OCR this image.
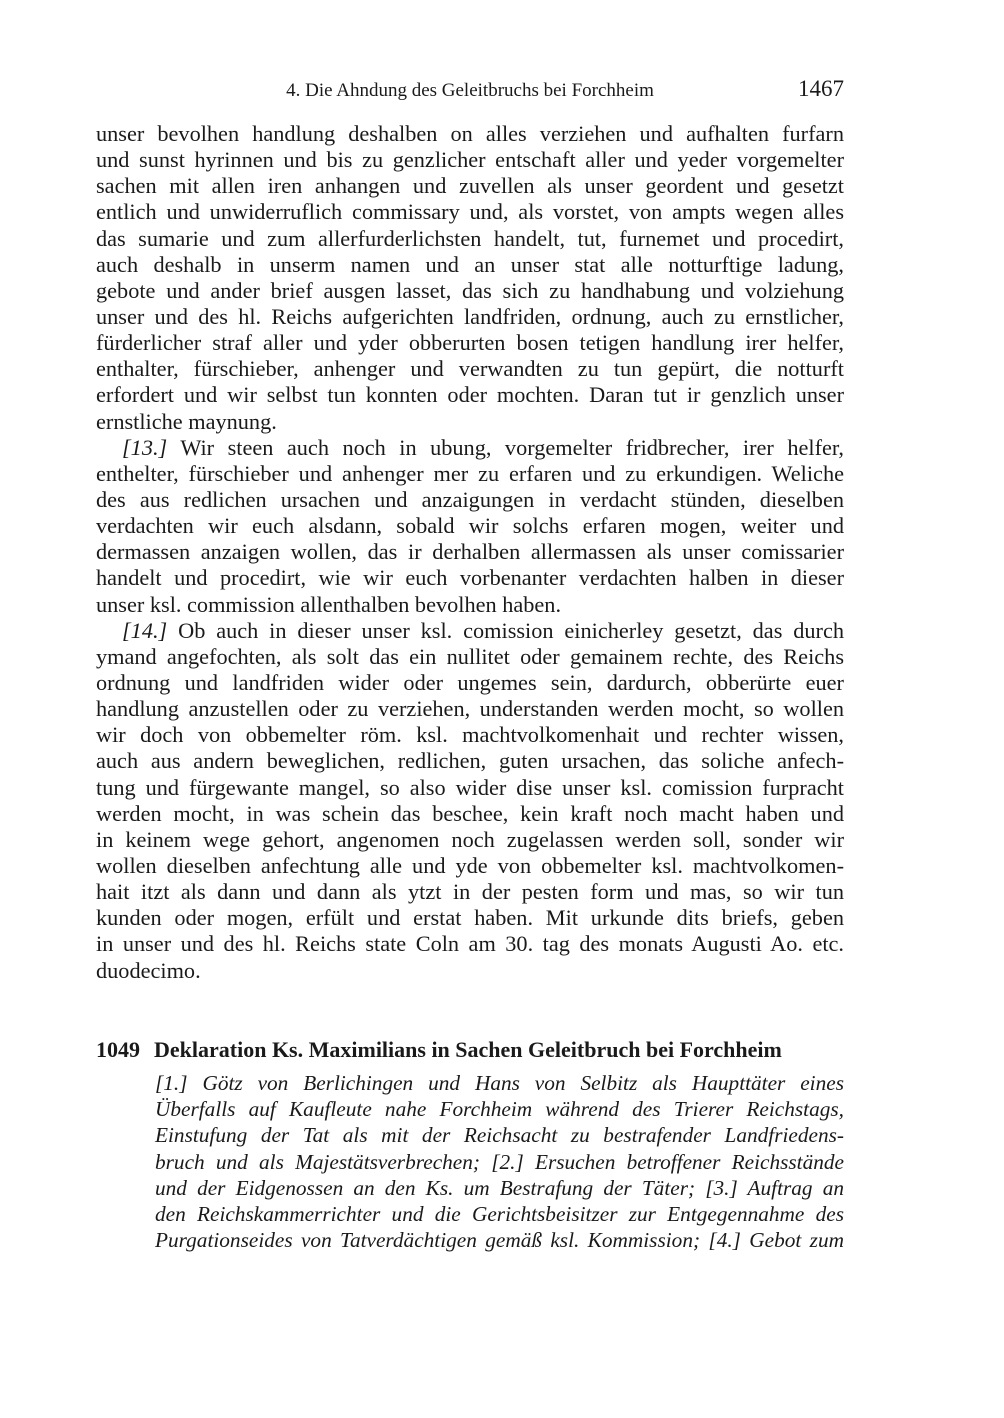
4. Die Ahndung des Geleitbruchs bei Forchheim	1467
unser bevolhen handlung deshalben on alles verziehen und aufhalten furfarn
und sunst hyrinnen und bis zu genzlicher entschaft aller und yeder vorgemelter
sachen mit allen iren anhangen und zuvellen als unser geordent und gesetzt
entlich und unwiderruflich commissary und, als vorstet, von ampts wegen alles
das sumarie und zum allerfurderlichsten handelt, tut, furnemet und procedirt,
auch deshalb in unserm namen und an unser stat alle notturftige ladung,
gebote und ander brief ausgen lasset, das sich zu handhabung und volziehung
unser und des hl. Reichs aufgerichten landfriden, ordnung, auch zu ernstlicher,
fürderlicher straf aller und yder obberurten bosen tetigen handlung irer helfer,
enthalter, fürschieber, anhenger und verwandten zu tun gepürt, die notturft
erfordert und wir selbst tun konnten oder mochten. Daran tut ir genzlich unser
ernstliche maynung.
[13.] Wir steen auch noch in ubung, vorgemelter fridbrecher, irer helfer,
enthelter, fürschieber und anhenger mer zu erfaren und zu erkundigen. Weliche
des aus redlichen ursachen und anzaigungen in verdacht stünden, dieselben
verdachten wir euch alsdann, sobald wir solchs erfaren mogen, weiter und
dermassen anzaigen wollen, das ir derhalben allermassen als unser comissarier
handelt und procedirt, wie wir euch vorbenanter verdachten halben in dieser
unser ksl. commission allenthalben bevolhen haben.
[14.] Ob auch in dieser unser ksl. comission einicherley gesetzt, das durch
ymand angefochten, als solt das ein nullitet oder gemainem rechte, des Reichs
ordnung und landfriden wider oder ungemes sein, dardurch, obberürte euer
handlung anzustellen oder zu verziehen, understanden werden mocht, so wollen
wir doch von obbemelter röm. ksl. machtvolkomenhait und rechter wissen,
auch aus andern beweglichen, redlichen, guten ursachen, das soliche anfech-
tung und fürgewante mangel, so also wider dise unser ksl. comission furpracht
werden mocht, in was schein das beschee, kein kraft noch macht haben und
in keinem wege gehort, angenomen noch zugelassen werden soll, sonder wir
wollen dieselben anfechtung alle und yde von obbemelter ksl. machtvolkomen-
hait itzt als dann und dann als ytzt in der pesten form und mas, so wir tun
kunden oder mogen, erfült und erstat haben. Mit urkunde dits briefs, geben
in unser und des hl. Reichs state Coln am 30. tag des monats Augusti Ao. etc.
duodecimo.
1049 Deklaration Ks. Maximilians in Sachen Geleitbruch bei Forchheim
[1.] Götz von Berlichingen und Hans von Selbitz als Haupttäter eines
Überfalls auf Kaufleute nahe Forchheim während des Trierer Reichstags,
Einstufung der Tat als mit der Reichsacht zu bestrafender Landfriedens-
bruch und als Majestätsverbrechen; [2.] Ersuchen betroffener Reichsstände
und der Eidgenossen an den Ks. um Bestrafung der Täter; [3.] Auftrag an
den Reichskammerrichter und die Gerichtsbeisitzer zur Entgegennahme des
Purgationseides von Tatverdächtigen gemäß ksl. Kommission; [4.] Gebot zum
